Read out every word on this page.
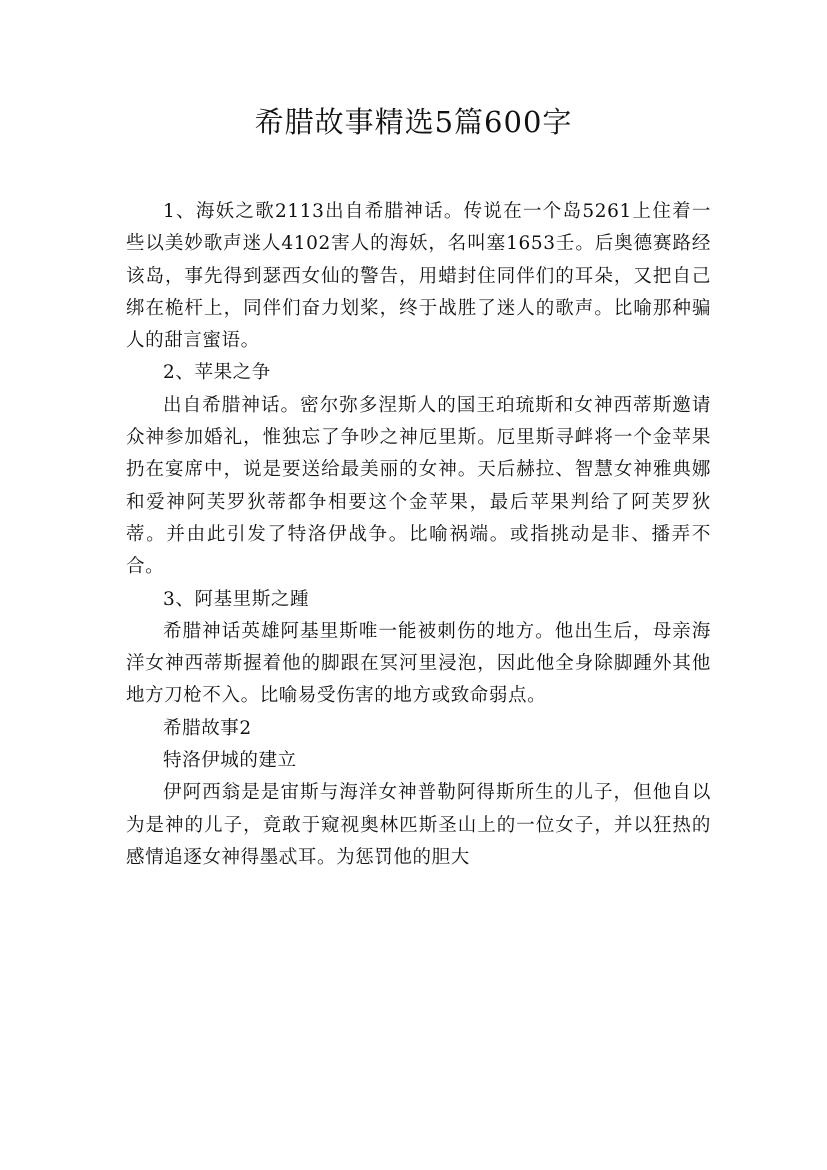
希腊故事精选5篇600字

1、海妖之歌2113出自希腊神话。传说在一个岛5261上住着一些以美妙歌声迷人4102害人的海妖，名叫塞1653壬。后奥德赛路经该岛，事先得到瑟西女仙的警告，用蜡封住同伴们的耳朵，又把自己绑在桅杆上，同伴们奋力划桨，终于战胜了迷人的歌声。比喻那种骗人的甜言蜜语。

2、苹果之争

出自希腊神话。密尔弥多涅斯人的国王珀琉斯和女神西蒂斯邀请众神参加婚礼，惟独忘了争吵之神厄里斯。厄里斯寻衅将一个金苹果扔在宴席中，说是要送给最美丽的女神。天后赫拉、智慧女神雅典娜和爱神阿芙罗狄蒂都争相要这个金苹果，最后苹果判给了阿芙罗狄蒂。并由此引发了特洛伊战争。比喻祸端。或指挑动是非、播弄不合。

3、阿基里斯之踵

希腊神话英雄阿基里斯唯一能被刺伤的地方。他出生后，母亲海洋女神西蒂斯握着他的脚跟在冥河里浸泡，因此他全身除脚踵外其他地方刀枪不入。比喻易受伤害的地方或致命弱点。

希腊故事2

特洛伊城的建立

伊阿西翁是是宙斯与海洋女神普勒阿得斯所生的儿子，但他自以为是神的儿子，竟敢于窥视奥林匹斯圣山上的一位女子，并以狂热的感情追逐女神得墨忒耳。为惩罚他的胆大
